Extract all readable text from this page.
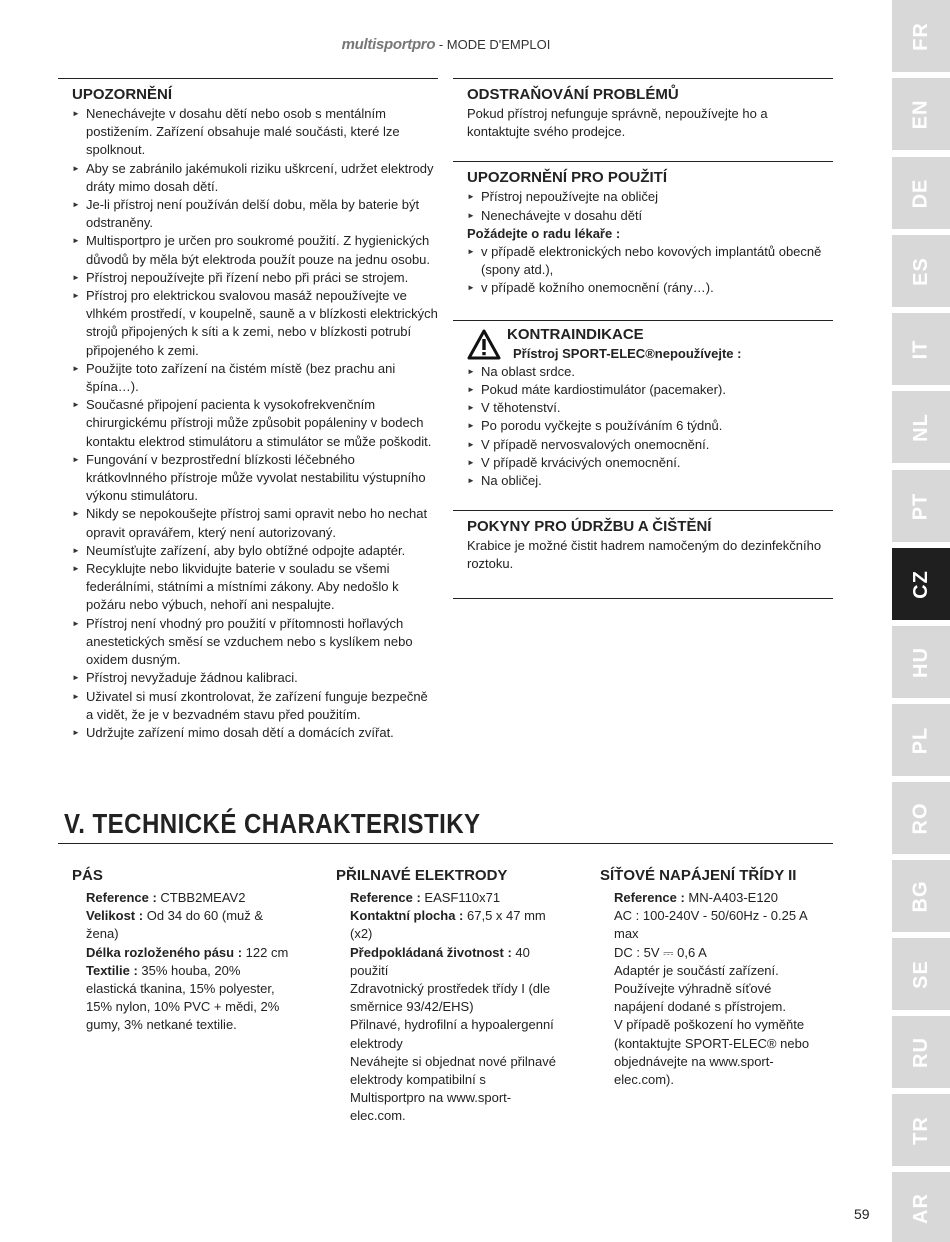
multisportpro - MODE D'EMPLOI
UPOZORNĚNÍ
► Nenechávejte v dosahu dětí nebo osob s mentálním postižením. Zařízení obsahuje malé součásti, které lze spolknout.
► Aby se zabránilo jakémukoli riziku uškrcení, udržet elektrody dráty mimo dosah dětí.
► Je-li přístroj není používán delší dobu, měla by baterie být odstraněny.
► Multisportpro je určen pro soukromé použití. Z hygienických důvodů by měla být elektroda použít pouze na jednu osobu.
► Přístroj nepoužívejte při řízení nebo při práci se strojem.
► Přístroj pro elektrickou svalovou masáž nepoužívejte ve vlhkém prostředí, v koupelně, sauně a v blízkosti elektrických strojů připojených k síti a k zemi, nebo v blízkosti potrubí připojeného k zemi.
► Použijte toto zařízení na čistém místě (bez prachu ani špína…).
► Současné připojení pacienta k vysokofrekvenčním chirurgickému přístroji může způsobit popáleniny v bodech kontaktu elektrod stimulátoru a stimulátor se může poškodit.
► Fungování v bezprostřední blízkosti léčebného krátkovlnného přístroje může vyvolat nestabilitu výstupního výkonu stimulátoru.
► Nikdy se nepokoušejte přístroj sami opravit nebo ho nechat opravit opravářem, který není autorizovaný.
► Neumísťujte zařízení, aby bylo obtížné odpojte adaptér.
► Recyklujte nebo likvidujte baterie v souladu se všemi federálními, státními a místními zákony. Aby nedošlo k požáru nebo výbuch, nehoří ani nespalujte.
► Přístroj není vhodný pro použití v přítomnosti hořlavých anestetických směsí se vzduchem nebo s kyslíkem nebo oxidem dusným.
► Přístroj nevyžaduje žádnou kalibraci.
► Uživatel si musí zkontrolovat, že zařízení funguje bezpečně a vidět, že je v bezvadném stavu před použitím.
► Udržujte zařízení mimo dosah dětí a domácích zvířat.
ODSTRAŇOVÁNÍ PROBLÉMŮ
Pokud přístroj nefunguje správně, nepoužívejte ho a kontaktujte svého prodejce.
UPOZORNĚNÍ PRO POUŽITÍ
► Přístroj nepoužívejte na obličej
► Nenechávejte v dosahu dětí
Požádejte o radu lékaře :
► v případě elektronických nebo kovových implantátů obecně (spony atd.),
► v případě kožního onemocnění (rány…).
KONTRAINDIKACE
Přístroj SPORT-ELEC®nepoužívejte :
► Na oblast srdce.
► Pokud máte kardiostimulátor (pacemaker).
► V těhotenství.
► Po porodu vyčkejte s používáním 6 týdnů.
► V případě nervosvalových onemocnění.
► V případě krvácivých onemocnění.
► Na obličej.
POKYNY PRO ÚDRŽBU A ČIŠTĚNÍ
Krabice je možné čistit hadrem namočeným do dezinfekčního roztoku.
V. TECHNICKÉ CHARAKTERISTIKY
PÁS
Reference : CTBB2MEAV2
Velikost : Od 34 do 60 (muž & žena)
Délka rozloženého pásu : 122 cm
Textilie : 35% houba, 20% elastická tkanina, 15% polyester, 15% nylon, 10% PVC + mědi, 2% gumy, 3% netkané textilie.
PŘILNAVÉ ELEKTRODY
Reference : EASF110x71
Kontaktní plocha : 67,5 x 47 mm (x2)
Předpokládaná životnost : 40 použití
Zdravotnický prostředek třídy I (dle směrnice 93/42/EHS)
Přilnavé, hydrofilní a hypoalergenní elektrody
Neváhejte si objednat nové přilnavé elektrody kompatibilní s Multisportpro na www.sport-elec.com.
SÍŤOVÉ NAPÁJENÍ TŘÍDY II
Reference : MN-A403-E120
AC : 100-240V - 50/60Hz - 0.25 A max
DC : 5V ⎓ 0,6 A
Adaptér je součástí zařízení. Používejte výhradně síťové napájení dodané s přístrojem.
V případě poškození ho vyměňte (kontaktujte SPORT-ELEC® nebo objednávejte na www.sport-elec.com).
FR
EN
DE
ES
IT
NL
PT
CZ
HU
PL
RO
BG
SE
RU
TR
AR
59
